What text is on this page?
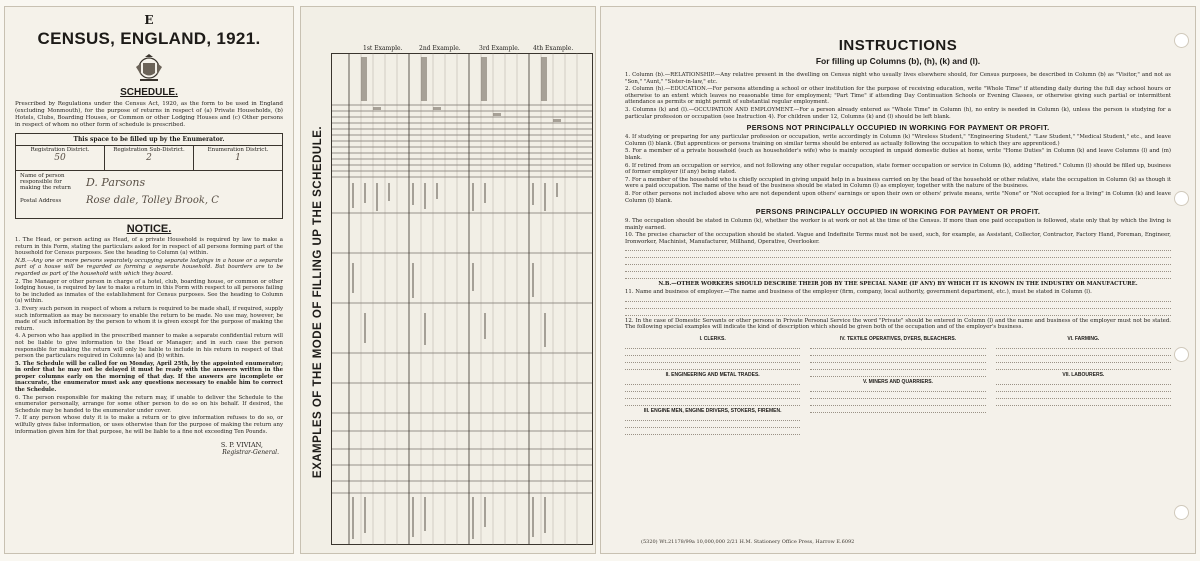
E
CENSUS, ENGLAND, 1921.
SCHEDULE.
Prescribed by Regulations under the Census Act, 1920, as the form to be used in England (excluding Monmouth), for the purpose of returns in respect of (a) Private Households, (b) Hotels, Clubs, Boarding Houses, or Common or other Lodging Houses and (c) Other persons in respect of whom no other form of schedule is prescribed.
This space to be filled up by the Enumerator.
Registration District.
50
Registration Sub-District.
2
Enumeration District.
1
Name of person responsible for making the return	D. Parsons
Postal Address	Rose dale, Tolley Brook, C
NOTICE.
1. The Head, or person acting as Head, of a private Household is required by law to make a return in this Form, stating the particulars asked for in respect of all persons forming part of the household for Census purposes. See the heading to Column (a) within.
N.B.—Any one or more persons separately occupying separate lodgings in a house or a separate part of a house will be regarded as forming a separate household. But boarders are to be regarded as part of the household with which they board.
2. The Manager or other person in charge of a hotel, club, boarding house, or common or other lodging house, is required by law to make a return in this Form with respect to all persons failing to be included as inmates of the establishment for Census purposes. See the heading to Column (a) within.
3. Every such person in respect of whom a return is required to be made shall, if required, supply such information as may be necessary to enable the return to be made. No use may, however, be made of such information by the person to whom it is given except for the purpose of making the return.
4. A person who has applied in the prescribed manner to make a separate confidential return will not be liable to give information to the Head or Manager; and in such case the person responsible for making the return will only be liable to include in his return in respect of that person the particulars required in Columns (a) and (b) within.
5. The Schedule will be called for on Monday, April 25th, by the appointed enumerator; in order that he may not be delayed it must be ready with the answers written in the proper columns early on the morning of that day. If the answers are incomplete or inaccurate, the enumerator must ask any questions necessary to enable him to correct the Schedule.
6. The person responsible for making the return may, if unable to deliver the Schedule to the enumerator personally, arrange for some other person to do so on his behalf. If desired, the Schedule may be handed to the enumerator under cover.
7. If any person whose duty it is to make a return or to give information refuses to do so, or wilfully gives false information, or uses otherwise than for the purpose of making the return any information given him for that purpose, he will be liable to a fine not exceeding Ten Pounds.
S. P. VIVIAN,
Registrar-General.
1st Example.	2nd Example.	3rd Example. 4th Example.
EXAMPLES OF THE MODE OF FILLING UP THE SCHEDULE.
INSTRUCTIONS
For filling up Columns (b), (h), (k) and (l).
1. Column (b).—RELATIONSHIP.—Any relative present in the dwelling on Census night who usually lives elsewhere should, for Census purposes, be described in Column (b) as "Visitor," and not as "Son," "Aunt," "Sister-in-law," etc.
2. Column (h).—EDUCATION.—For persons attending a school or other institution for the purpose of receiving education, write "Whole Time" if attending daily during the full day school hours or otherwise to an extent which leaves no reasonable time for employment; "Part Time" if attending Day Continuation Schools or Evening Classes, or otherwise giving such partial or intermittent attendance as permits or might permit of substantial regular employment.
3. Columns (k) and (l).—OCCUPATION AND EMPLOYMENT.—For a person already entered as "Whole Time" in Column (h), no entry is needed in Column (k), unless the person is studying for a particular profession or occupation (see Instruction 4). For children under 12, Columns (k) and (l) should be left blank.
PERSONS NOT PRINCIPALLY OCCUPIED IN WORKING FOR PAYMENT OR PROFIT.
4. If studying or preparing for any particular profession or occupation, write accordingly in Column (k) "Wireless Student," "Engineering Student," "Law Student," "Medical Student," etc., and leave Column (l) blank. (But apprentices or persons training on similar terms should be entered as actually following the occupation to which they are apprenticed.)
5. For a member of a private household (such as householder's wife) who is mainly occupied in unpaid domestic duties at home, write "Home Duties" in Column (k) and leave Columns (l) and (m) blank.
6. If retired from an occupation or service, and not following any other regular occupation, state former occupation or service in Column (k), adding "Retired." Column (l) should be filled up, business of former employer (if any) being stated.
7. For a member of the household who is chiefly occupied in giving unpaid help in a business carried on by the head of the household or other relative, state the occupation in Column (k) as though it were a paid occupation. The name of the head of the business should be stated in Column (l) as employer, together with the nature of the business.
8. For other persons not included above who are not dependent upon others' earnings or upon their own or others' private means, write "None" or "Not occupied for a living" in Column (k) and leave Column (l) blank.
PERSONS PRINCIPALLY OCCUPIED IN WORKING FOR PAYMENT OR PROFIT.
9. The occupation should be stated in Column (k), whether the worker is at work or not at the time of the Census. If more than one paid occupation is followed, state only that by which the living is mainly earned.
10. The precise character of the occupation should be stated. Vague and Indefinite Terms must not be used, such, for example, as Assistant, Collector, Contractor, Factory Hand, Foreman, Engineer, Ironworker, Machinist, Manufacturer, Millhand, Operative, Overlooker.
N.B.—OTHER WORKERS SHOULD DESCRIBE THEIR JOB BY THE SPECIAL NAME (IF ANY) BY WHICH IT IS KNOWN IN THE INDUSTRY OR MANUFACTURE.
11. Name and business of employer.—The name and business of the employer (firm, company, local authority, government department, etc.), must be stated in Column (l).
12. In the case of Domestic Servants or other persons in Private Personal Service the word "Private" should be entered in Column (l) and the name and business of the employer must not be stated. The following special examples will indicate the kind of description which should be given both of the occupation and of the employer's business.
I. CLERKS.
II. ENGINEERING AND METAL TRADES.
III. ENGINE MEN, ENGINE DRIVERS, STOKERS, FIREMEN.
IV. TEXTILE OPERATIVES, DYERS, BLEACHERS.
V. MINERS AND QUARRIERS.
VI. FARMING.
VII. LABOURERS.
(5320) Wt.21178/99a 10,000,000 2/21 H.M. Stationery Office Press, Harrow E.6092
